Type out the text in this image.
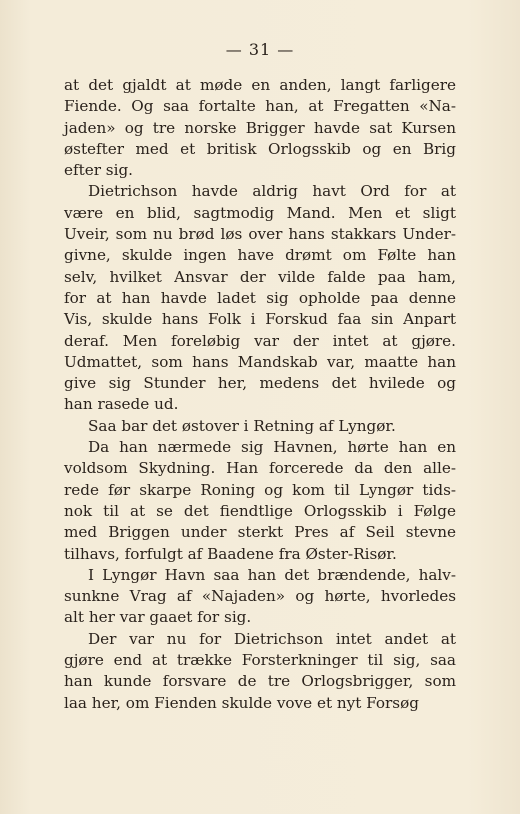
— 31 —
at det gjaldt at møde en anden, langt farligere
Fiende. Og saa fortalte han, at Fregatten «Na-
jaden» og tre norske Brigger havde sat Kursen
østefter med et britisk Orlogsskib og en Brig
efter sig.
Dietrichson havde aldrig havt Ord for at
være en blid, sagtmodig Mand. Men et sligt
Uveir, som nu brød løs over hans stakkars Under-
givne, skulde ingen have drømt om Følte han
selv, hvilket Ansvar der vilde falde paa ham,
for at han havde ladet sig opholde paa denne
Vis, skulde hans Folk i Forskud faa sin Anpart
deraf. Men foreløbig var der intet at gjøre.
Udmattet, som hans Mandskab var, maatte han
give sig Stunder her, medens det hvilede og
han rasede ud.
Saa bar det østover i Retning af Lyngør.
Da han nærmede sig Havnen, hørte han en
voldsom Skydning. Han forcerede da den alle-
rede før skarpe Roning og kom til Lyngør tids-
nok til at se det fiendtlige Orlogsskib i Følge
med Briggen under sterkt Pres af Seil stevne
tilhavs, forfulgt af Baadene fra Øster-Risør.
I Lyngør Havn saa han det brændende, halv-
sunkne Vrag af «Najaden» og hørte, hvorledes
alt her var gaaet for sig.
Der var nu for Dietrichson intet andet at
gjøre end at trække Forsterkninger til sig, saa
han kunde forsvare de tre Orlogsbrigger, som
laa her, om Fienden skulde vove et nyt Forsøg
